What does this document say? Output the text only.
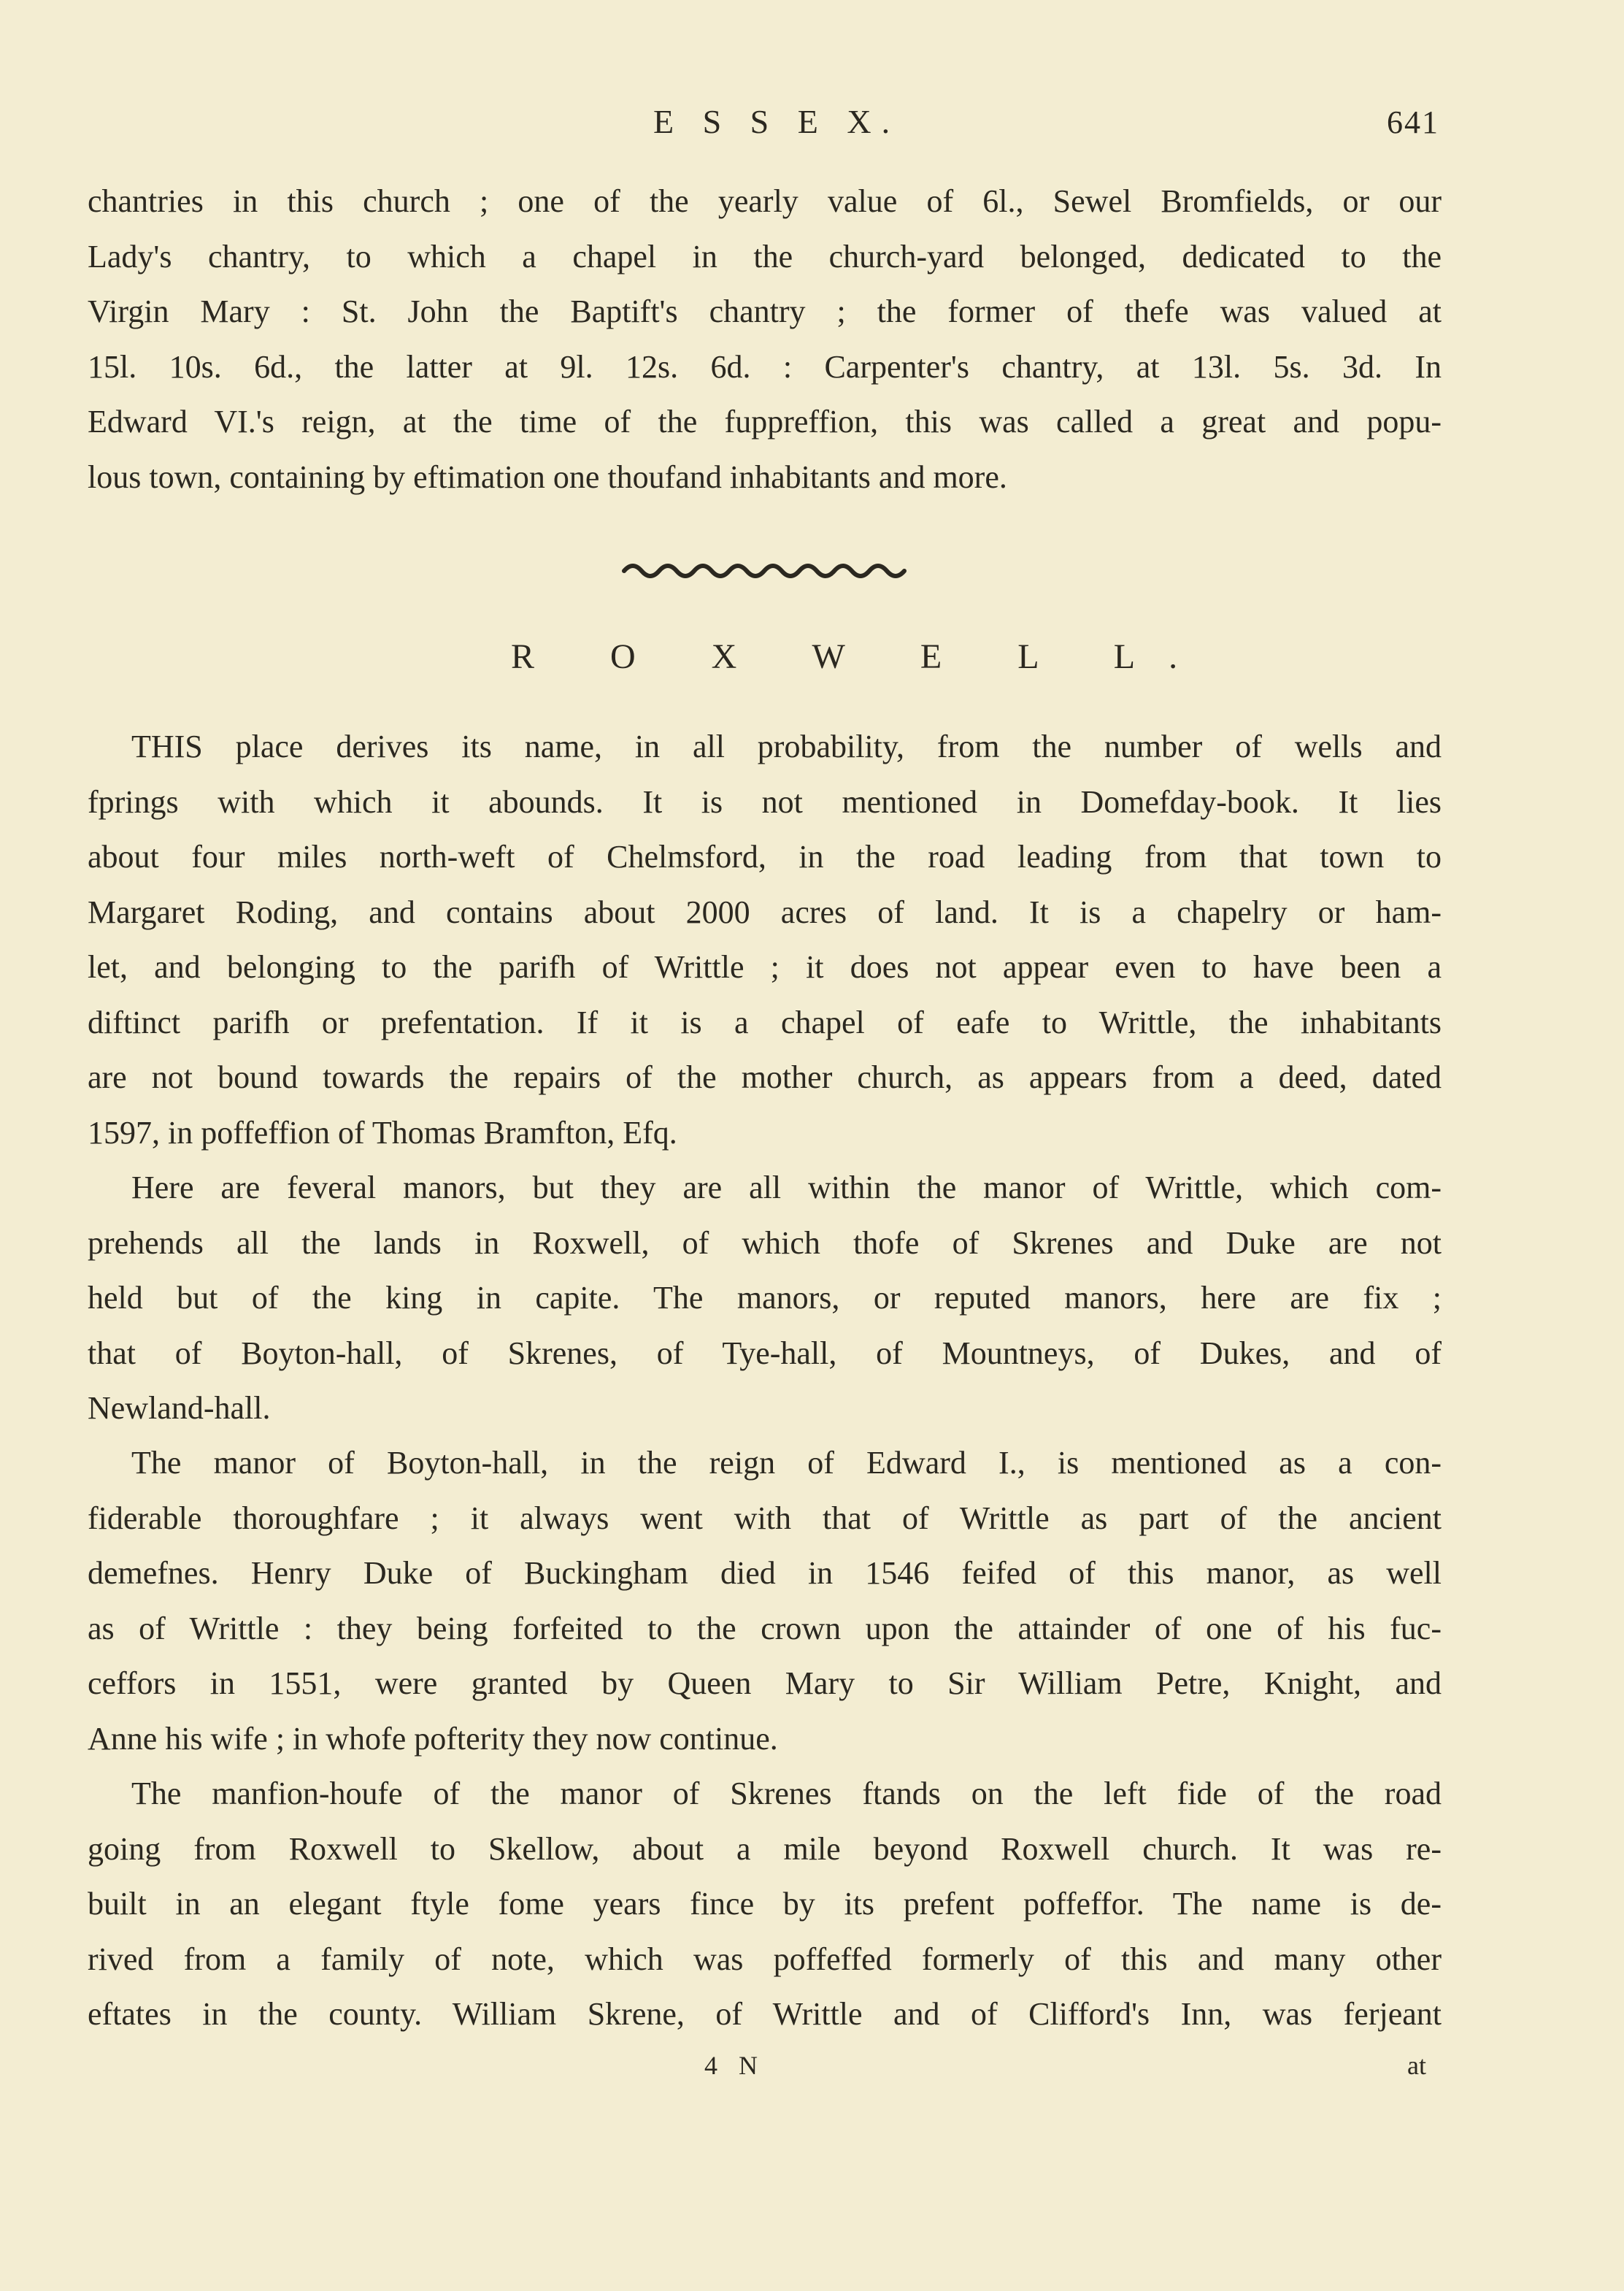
E S S E X.	641
chantries in this church ; one of the yearly value of 6l., Sewel Bromfields, or our
Lady's chantry, to which a chapel in the church-yard belonged, dedicated to the
Virgin Mary : St. John the Baptift's chantry ; the former of thefe was valued at
15l. 10s. 6d., the latter at 9l. 12s. 6d. : Carpenter's chantry, at 13l. 5s. 3d. In
Edward VI.'s reign, at the time of the fuppreffion, this was called a great and popu-
lous town, containing by eftimation one thoufand inhabitants and more.
R O X W E L L.
THIS place derives its name, in all probability, from the number of wells and
fprings with which it abounds. It is not mentioned in Domefday-book. It lies
about four miles north-weft of Chelmsford, in the road leading from that town to
Margaret Roding, and contains about 2000 acres of land. It is a chapelry or ham-
let, and belonging to the parifh of Writtle ; it does not appear even to have been a
diftinct parifh or prefentation. If it is a chapel of eafe to Writtle, the inhabitants
are not bound towards the repairs of the mother church, as appears from a deed, dated
1597, in poffeffion of Thomas Bramfton, Efq.
Here are feveral manors, but they are all within the manor of Writtle, which com-
prehends all the lands in Roxwell, of which thofe of Skrenes and Duke are not
held but of the king in capite. The manors, or reputed manors, here are fix ;
that of Boyton-hall, of Skrenes, of Tye-hall, of Mountneys, of Dukes, and of
Newland-hall.
The manor of Boyton-hall, in the reign of Edward I., is mentioned as a con-
fiderable thoroughfare ; it always went with that of Writtle as part of the ancient
demefnes. Henry Duke of Buckingham died in 1546 feifed of this manor, as well
as of Writtle : they being forfeited to the crown upon the attainder of one of his fuc-
ceffors in 1551, were granted by Queen Mary to Sir William Petre, Knight, and
Anne his wife ; in whofe pofterity they now continue.
The manfion-houfe of the manor of Skrenes ftands on the left fide of the road
going from Roxwell to Skellow, about a mile beyond Roxwell church. It was re-
built in an elegant ftyle fome years fince by its prefent poffeffor. The name is de-
rived from a family of note, which was poffeffed formerly of this and many other
eftates in the county. William Skrene, of Writtle and of Clifford's Inn, was ferjeant
4 N	at
